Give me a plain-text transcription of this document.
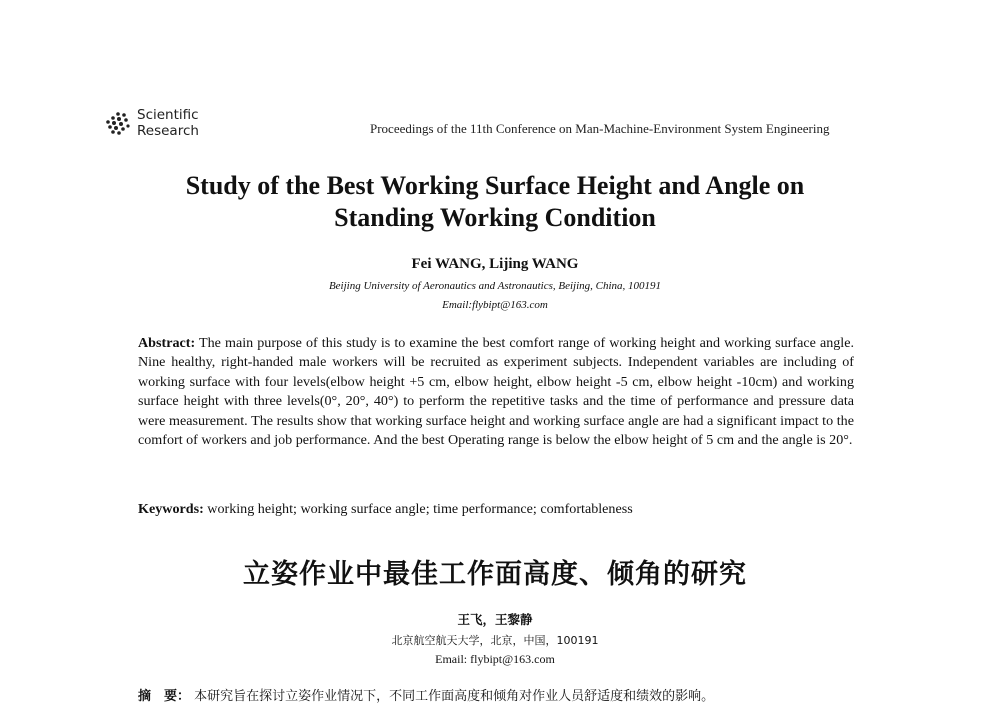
Scientific
Research	Proceedings of the 11th Conference on Man-Machine-Environment System Engineering
Study of the Best Working Surface Height and Angle on
Standing Working Condition

Fei WANG, Lijing WANG

Beijing University of Aeronautics and Astronautics, Beijing, China, 100191

Email:flybipt@163.com

Abstract: The main purpose of this study is to examine the best comfort range of working height and working surface angle. Nine healthy, right-handed male workers will be recruited as experiment subjects. Independent variables are including of working surface with four levels(elbow height +5 cm, elbow height, elbow height -5 cm, elbow height -10cm) and working surface height with three levels(0°, 20°, 40°) to perform the repetitive tasks and the time of performance and pressure data were measurement. The results show that working surface height and working surface angle are had a significant impact to the comfort of workers and job performance. And the best Operating range is below the elbow height of 5 cm and the angle is 20°.

Keywords: working height; working surface angle; time performance; comfortableness

立姿作业中最佳工作面高度、倾角的研究

王飞，王黎静

北京航空航天大学，北京，中国，100191

Email: flybipt@163.com

摘　要： 本研究旨在探讨立姿作业情况下，不同工作面高度和倾角对作业人员舒适度和绩效的影响。
